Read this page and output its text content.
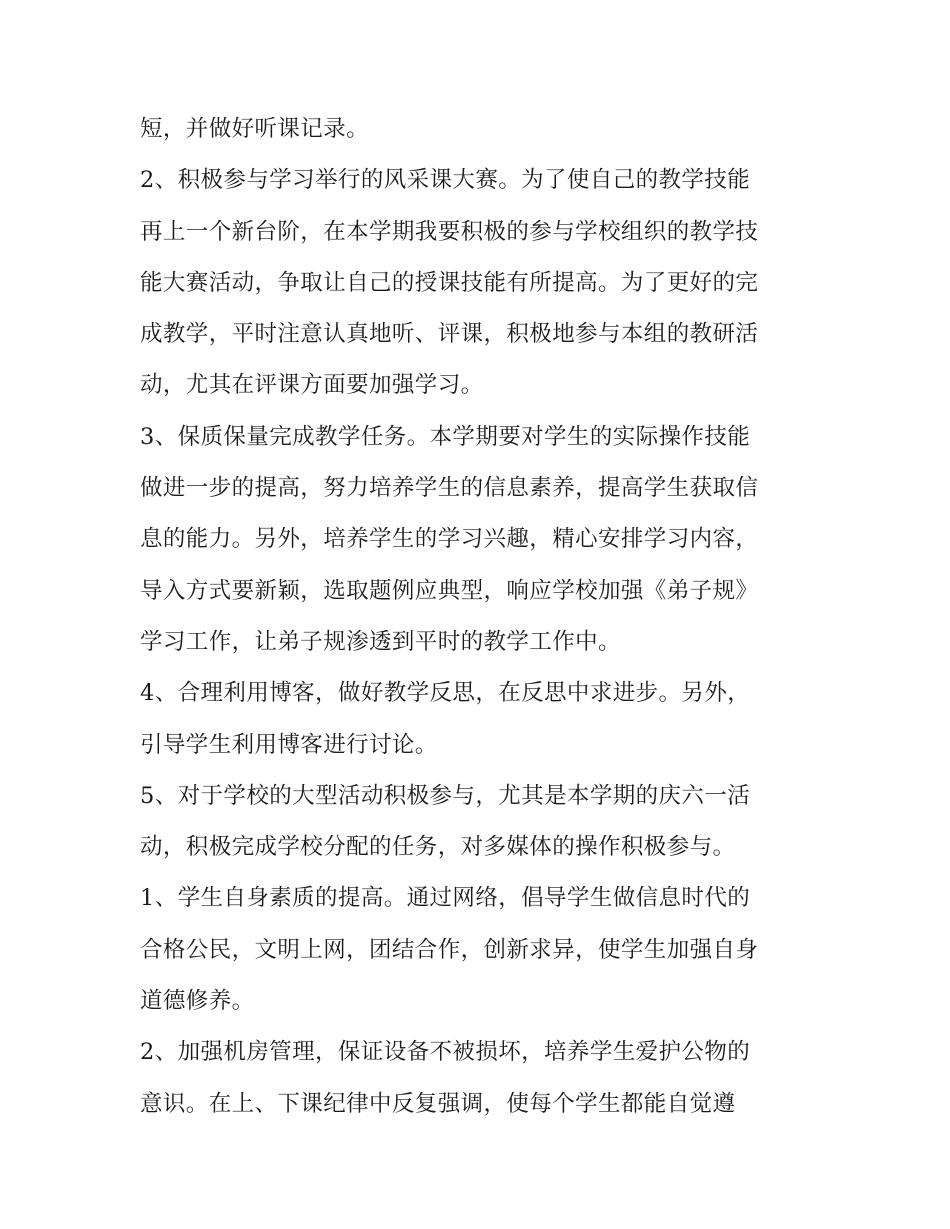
短，并做好听课记录。
2、积极参与学习举行的风采课大赛。为了使自己的教学技能
再上一个新台阶，在本学期我要积极的参与学校组织的教学技
能大赛活动，争取让自己的授课技能有所提高。为了更好的完
成教学，平时注意认真地听、评课，积极地参与本组的教研活
动，尤其在评课方面要加强学习。
3、保质保量完成教学任务。本学期要对学生的实际操作技能
做进一步的提高，努力培养学生的信息素养，提高学生获取信
息的能力。另外，培养学生的学习兴趣，精心安排学习内容，
导入方式要新颖，选取题例应典型，响应学校加强《弟子规》
学习工作，让弟子规渗透到平时的教学工作中。
4、合理利用博客，做好教学反思，在反思中求进步。另外，
引导学生利用博客进行讨论。
5、对于学校的大型活动积极参与，尤其是本学期的庆六一活
动，积极完成学校分配的任务，对多媒体的操作积极参与。
1、学生自身素质的提高。通过网络，倡导学生做信息时代的
合格公民，文明上网，团结合作，创新求异，使学生加强自身
道德修养。
2、加强机房管理，保证设备不被损坏，培养学生爱护公物的
意识。在上、下课纪律中反复强调，使每个学生都能自觉遵
